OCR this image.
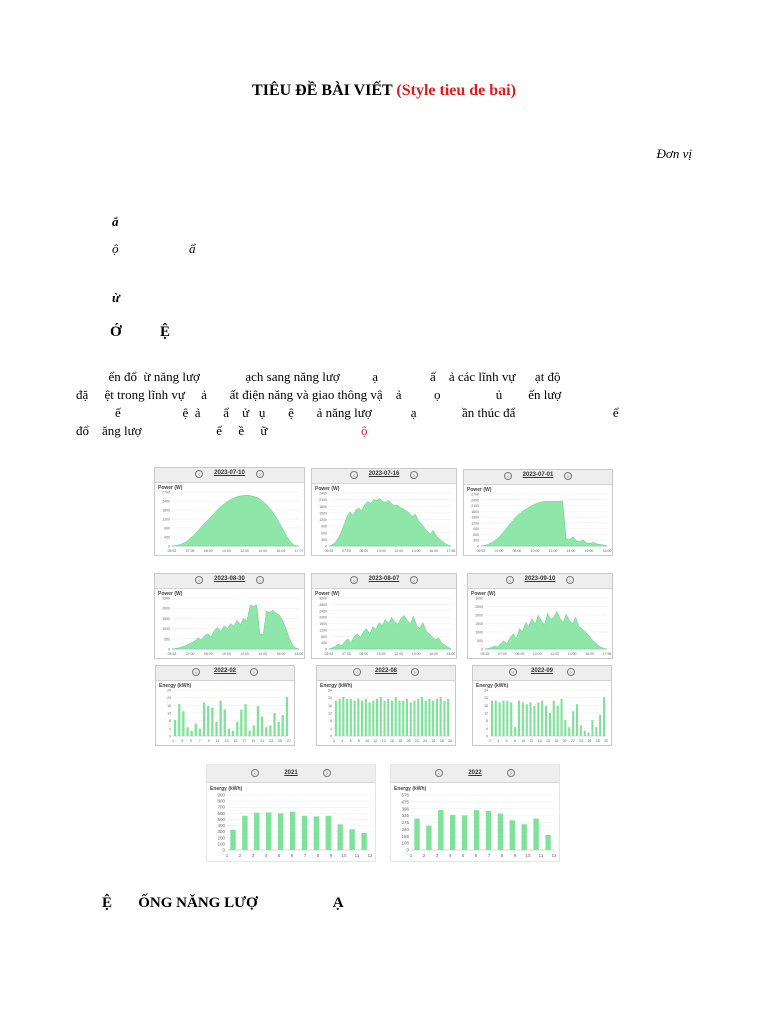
TIÊU ĐỀ BÀI VIẾT (Style tieu de bai)
Đơn vị
ắ
ộ	ẩ
ừ
Ớ	Ệ
ển đổ  ừ năng lượ              ạch sang năng lượ          ạ                ấ    ả các lĩnh vự      ạt độ
đặ     ệt trong lĩnh vự     ả       ất điện năng và giao thông vậ    ả          ọ                 ủ        ến lượ
ế                   ệ  ả       ẩ    ử   ụ       ệ       ả năng lượ            ạ              ần thúc đẩ                              ể
đổ    ăng lượ                       ế     ề     ữ	ộ
2700
2400
1800
1200
900
450
0
05:53	07:35	08:00	10:00	12:00	14:00	16:00	17:??
‹	2023-07-10	›
Power (W)
2400
2100
1800
1500
1200
900
600
300
0
05:53 07:00 08:00 10:00 12:00 14:00 16:00 17:58
‹	2023-07-16	›
Power (W)
2700
2400
2100
1800
1500
1200
900
600
300
0
05:53	07:00	08:00	10:00	12:00	14:00	16:00	18:00
‹	2023-07-01	›
Power (W)
2500
2000
1500
1000
500
0
05:53	07:00	08:00	10:00	12:00	14:00	16:00	18:00
‹	2023-08-30	›
Power (W)
3200
2800
2400
2000
1600
1200
800
400
0
05:53 07:00 08:00 10:00 12:00 14:00 16:00 18:00
‹	2023-08-07	›
Power (W)
3000
2500
2000
1500
1000
500
0
05:53 07:00 08:00 10:00 12:00 14:00 16:00 17:58
‹	2023-09-10	›
Power (W)
24
20
16
12
8
4
0
1 3 5 7 9 11 13 15 17 19 21 23 25 27
‹	2022-02	›
Energy (kWh)
24
20
16
12
8
4
0
2 4 6 8 10 12 14 16 18 20 22 24 26 28 30
‹	2022-08	›
Energy (kWh)
24
20
16
12
8
4
0
2 4 6 8 10 12 14 16 18 20 22 24 26 28 30
‹	2022-09	›
Energy (kWh)
900
800
700
600
500
400
300
200
100
0
1 2 3 4 5 6 7 8 9 10 11 12
‹	2021	›
Energy (kWh)
576
475
396
335
275
220
155
100
0
1 2 3 4 5 6 7 8 9 10 11 12
‹	2022	›
Energy (kWh)
Ệ       ỐNG NĂNG LƯỢ                    Ạ
